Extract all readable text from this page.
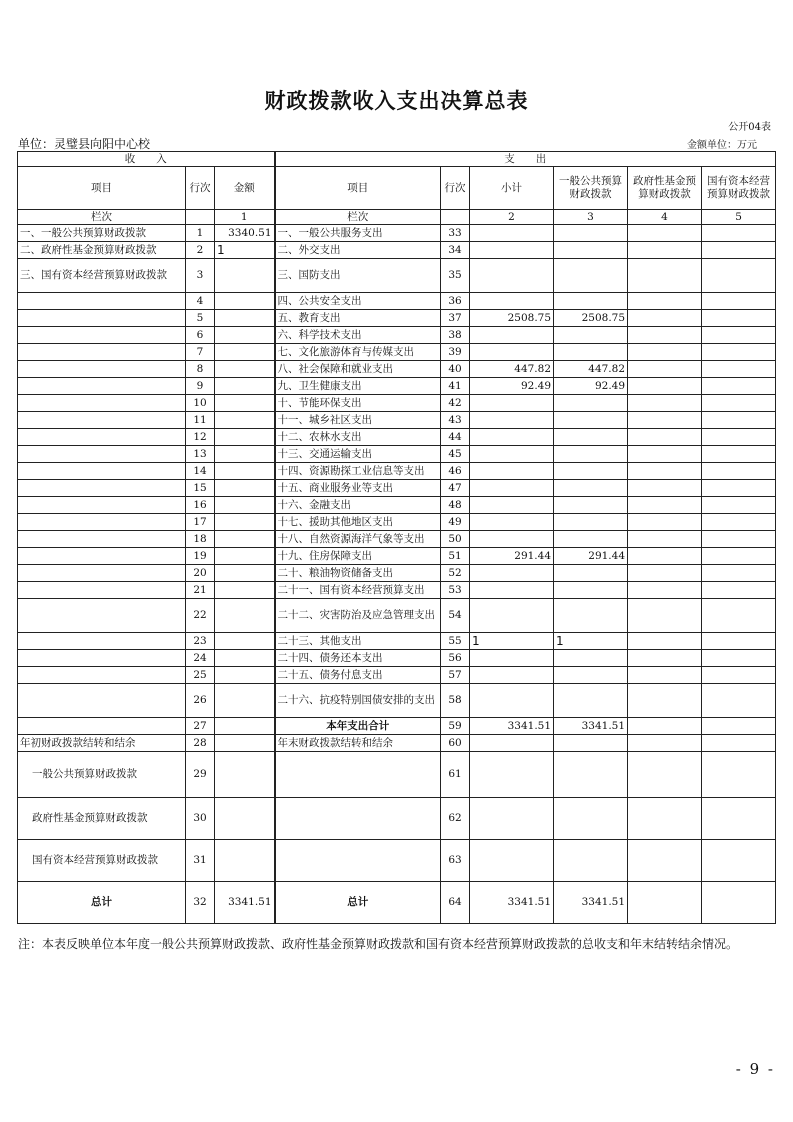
财政拨款收入支出决算总表
公开04表
单位：灵璧县向阳中心校	金额单位：万元
收　　入			支　　出					
项目	行次	金额	项目	行次	小计	一般公共预算财政拨款	政府性基金预算财政拨款	国有资本经营预算财政拨款
栏次		1	栏次		2	3	4	5
一、一般公共预算财政拨款	1	3340.51	一、一般公共服务支出	33				
二、政府性基金预算财政拨款	2	1	二、外交支出	34				
三、国有资本经营预算财政拨款	3		三、国防支出	35				
	4		四、公共安全支出	36				
	5		五、教育支出	37	2508.75	2508.75		
	6		六、科学技术支出	38				
	7		七、文化旅游体育与传媒支出	39				
	8		八、社会保障和就业支出	40	447.82	447.82		
	9		九、卫生健康支出	41	92.49	92.49		
	10		十、节能环保支出	42				
	11		十一、城乡社区支出	43				
	12		十二、农林水支出	44				
	13		十三、交通运输支出	45				
	14		十四、资源勘探工业信息等支出	46				
	15		十五、商业服务业等支出	47				
	16		十六、金融支出	48				
	17		十七、援助其他地区支出	49				
	18		十八、自然资源海洋气象等支出	50				
	19		十九、住房保障支出	51	291.44	291.44		
	20		二十、粮油物资储备支出	52				
	21		二十一、国有资本经营预算支出	53				
	22		二十二、灾害防治及应急管理支出	54				
	23		二十三、其他支出	55	1	1		
	24		二十四、债务还本支出	56				
	25		二十五、债务付息支出	57				
	26		二十六、抗疫特别国债安排的支出	58				
	27		本年支出合计	59	3341.51	3341.51		
年初财政拨款结转和结余	28		年末财政拨款结转和结余	60				
一般公共预算财政拨款	29			61				
政府性基金预算财政拨款	30			62				
国有资本经营预算财政拨款	31			63				
总计	32	3341.51	总计	64	3341.51	3341.51		
注：本表反映单位本年度一般公共预算财政拨款、政府性基金预算财政拨款和国有资本经营预算财政拨款的总收支和年末结转结余情况。
- 9 -
